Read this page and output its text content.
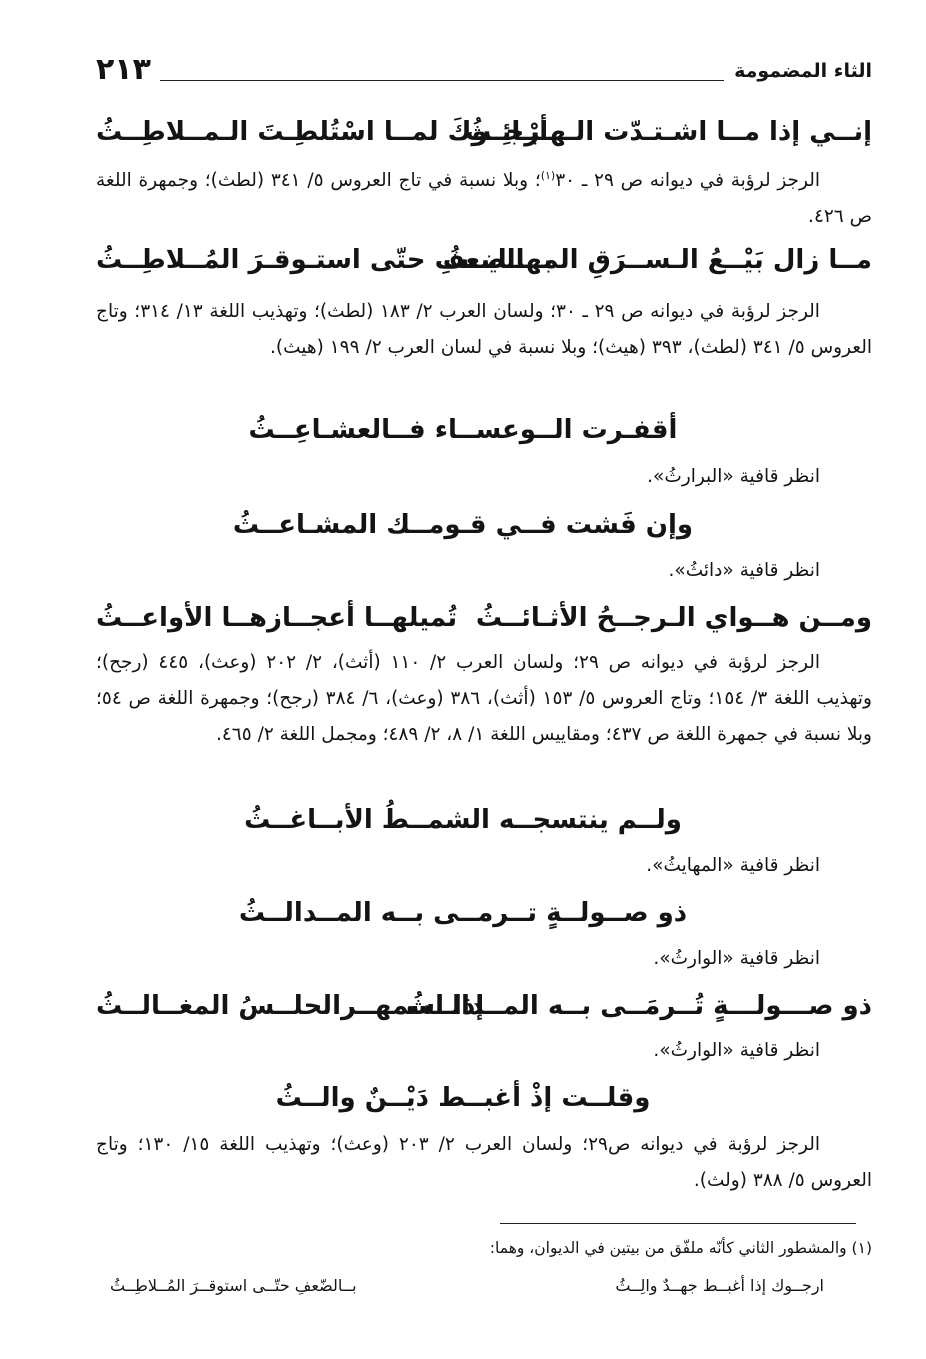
الثاء المضمومة
٢١٣
إنــي إذا مــا اشـتـدّت الـهـبـائِـثُ
أرْجــوكَ لمــا اسْتُلطِـتَ الـمــلاطِــثُ
الرجز لرؤبة في ديوانه ص ٢٩ ـ ٣٠$^{(١)}$؛ وبلا نسبة في تاج العروس ٥/ ٣٤١ (لطث)؛ وجمهرة اللغة ص ٤٢٦.
مــا زال بَيْــعُ الـســرَقِ المهــايــثُ
بــالضعفِ حتّى استـوقـرَ المُــلاطِــثُ
الرجز لرؤبة في ديوانه ص ٢٩ ـ ٣٠؛ ولسان العرب ٢/ ١٨٣ (لطث)؛ وتهذيب اللغة ١٣/ ٣١٤؛ وتاج العروس ٥/ ٣٤١ (لطث)، ٣٩٣ (هيث)؛ وبلا نسبة في لسان العرب ٢/ ١٩٩ (هيث).
أقفـرت الــوعســاء فــالعشـاعِــثُ
انظر قافية «البرارثُ».
وإن فَشت فــي قـومــك المشـاعــثُ
انظر قافية «دائثُ».
ومــن هــواي الـرجــحُ الأثـائــثُ
تُميلهــا أعجــازهــا الأواعــثُ
الرجز لرؤبة في ديوانه ص ٢٩؛ ولسان العرب ٢/ ١١٠ (أثث)، ٢/ ٢٠٢ (وعث)، ٤٤٥ (رجح)؛ وتهذيب اللغة ٣/ ١٥٤؛ وتاج العروس ٥/ ١٥٣ (أثث)، ٣٨٦ (وعث)، ٦/ ٣٨٤ (رجح)؛ وجمهرة اللغة ص ٥٤؛ وبلا نسبة في جمهرة اللغة ص ٤٣٧؛ ومقاييس اللغة ١/ ٨، ٢/ ٤٨٩؛ ومجمل اللغة ٢/ ٤٦٥.
ولــم ينتسجــه الشمــطُ الأبــاغــثُ
انظر قافية «المهايثُ».
ذو صــولــةٍ تــرمــى بــه المــدالــثُ
انظر قافية «الوارثُ».
ذو صـــولـــةٍ تُــرمَــى بــه المــدالــثُ
إذا اسمهــرالحلــسُ المغــالــثُ
انظر قافية «الوارثُ».
وقلــت إذْ أغبــط دَيْــنٌ والــثُ
الرجز لرؤبة في ديوانه ص٢٩؛ ولسان العرب ٢/ ٢٠٣ (وعث)؛ وتهذيب اللغة ١٥/ ١٣٠؛ وتاج العروس ٥/ ٣٨٨ (ولث).
(١) والمشطور الثاني كأنّه ملفّق من بيتين في الديوان، وهما:
ارجــوك إذا أغبــط جهــدٌ والِــثُ
بــالضّعفِ حتّــى استوقــرَ المُــلاطِــثُ
